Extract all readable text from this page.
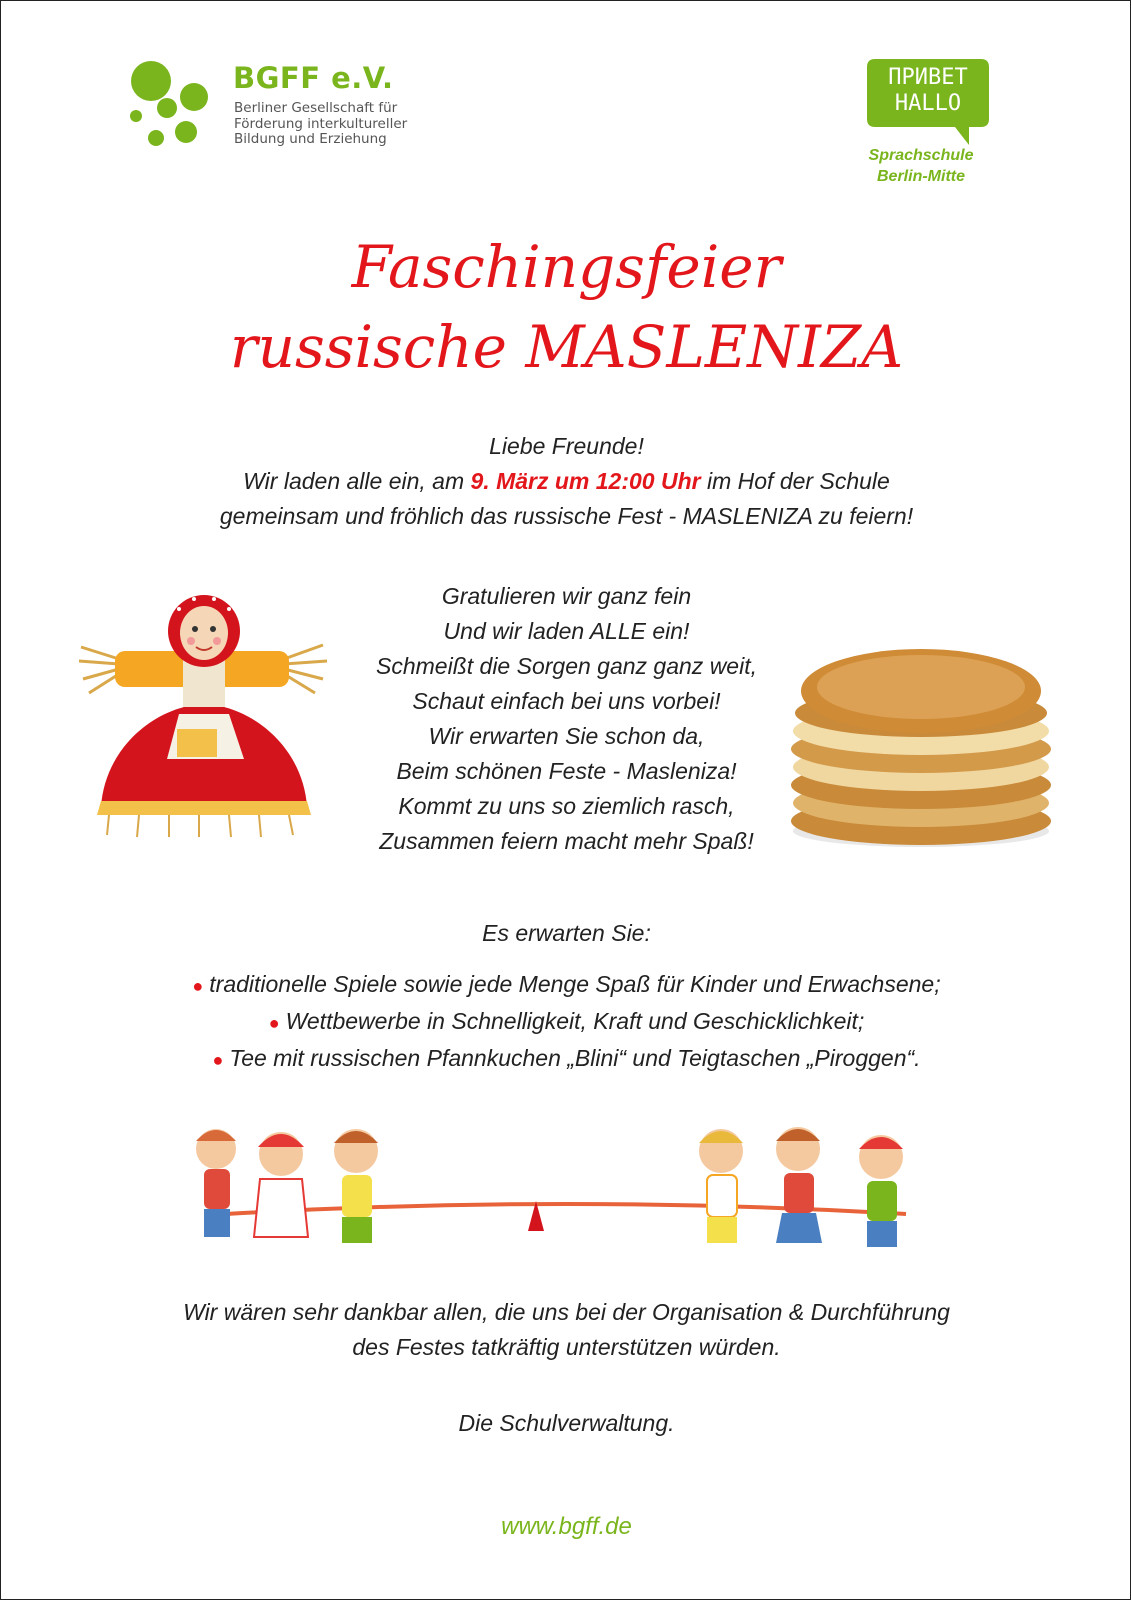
BGFF e.V.
Berliner Gesellschaft für
Förderung interkultureller
Bildung und Erziehung
ПРИВЕТ
HALLO
Sprachschule
Berlin-Mitte
Faschingsfeier
russische MASLENIZA
Liebe Freunde!
Wir laden alle ein, am 9. März um 12:00 Uhr im Hof der Schule
gemeinsam und fröhlich das russische Fest - MASLENIZA zu feiern!
Gratulieren wir ganz fein
Und wir laden ALLE ein!
Schmeißt die Sorgen ganz ganz weit,
Schaut einfach bei uns vorbei!
Wir erwarten Sie schon da,
Beim schönen Feste - Masleniza!
Kommt zu uns so ziemlich rasch,
Zusammen feiern macht mehr Spaß!
Es erwarten Sie:
● traditionelle Spiele sowie jede Menge Spaß für Kinder und Erwachsene;
● Wettbewerbe in Schnelligkeit, Kraft und Geschicklichkeit;
● Tee mit russischen Pfannkuchen „Blini“ und Teigtaschen „Piroggen“.
Wir wären sehr dankbar allen, die uns bei der Organisation & Durchführung
des Festes tatkräftig unterstützen würden.
Die Schulverwaltung.
www.bgff.de
